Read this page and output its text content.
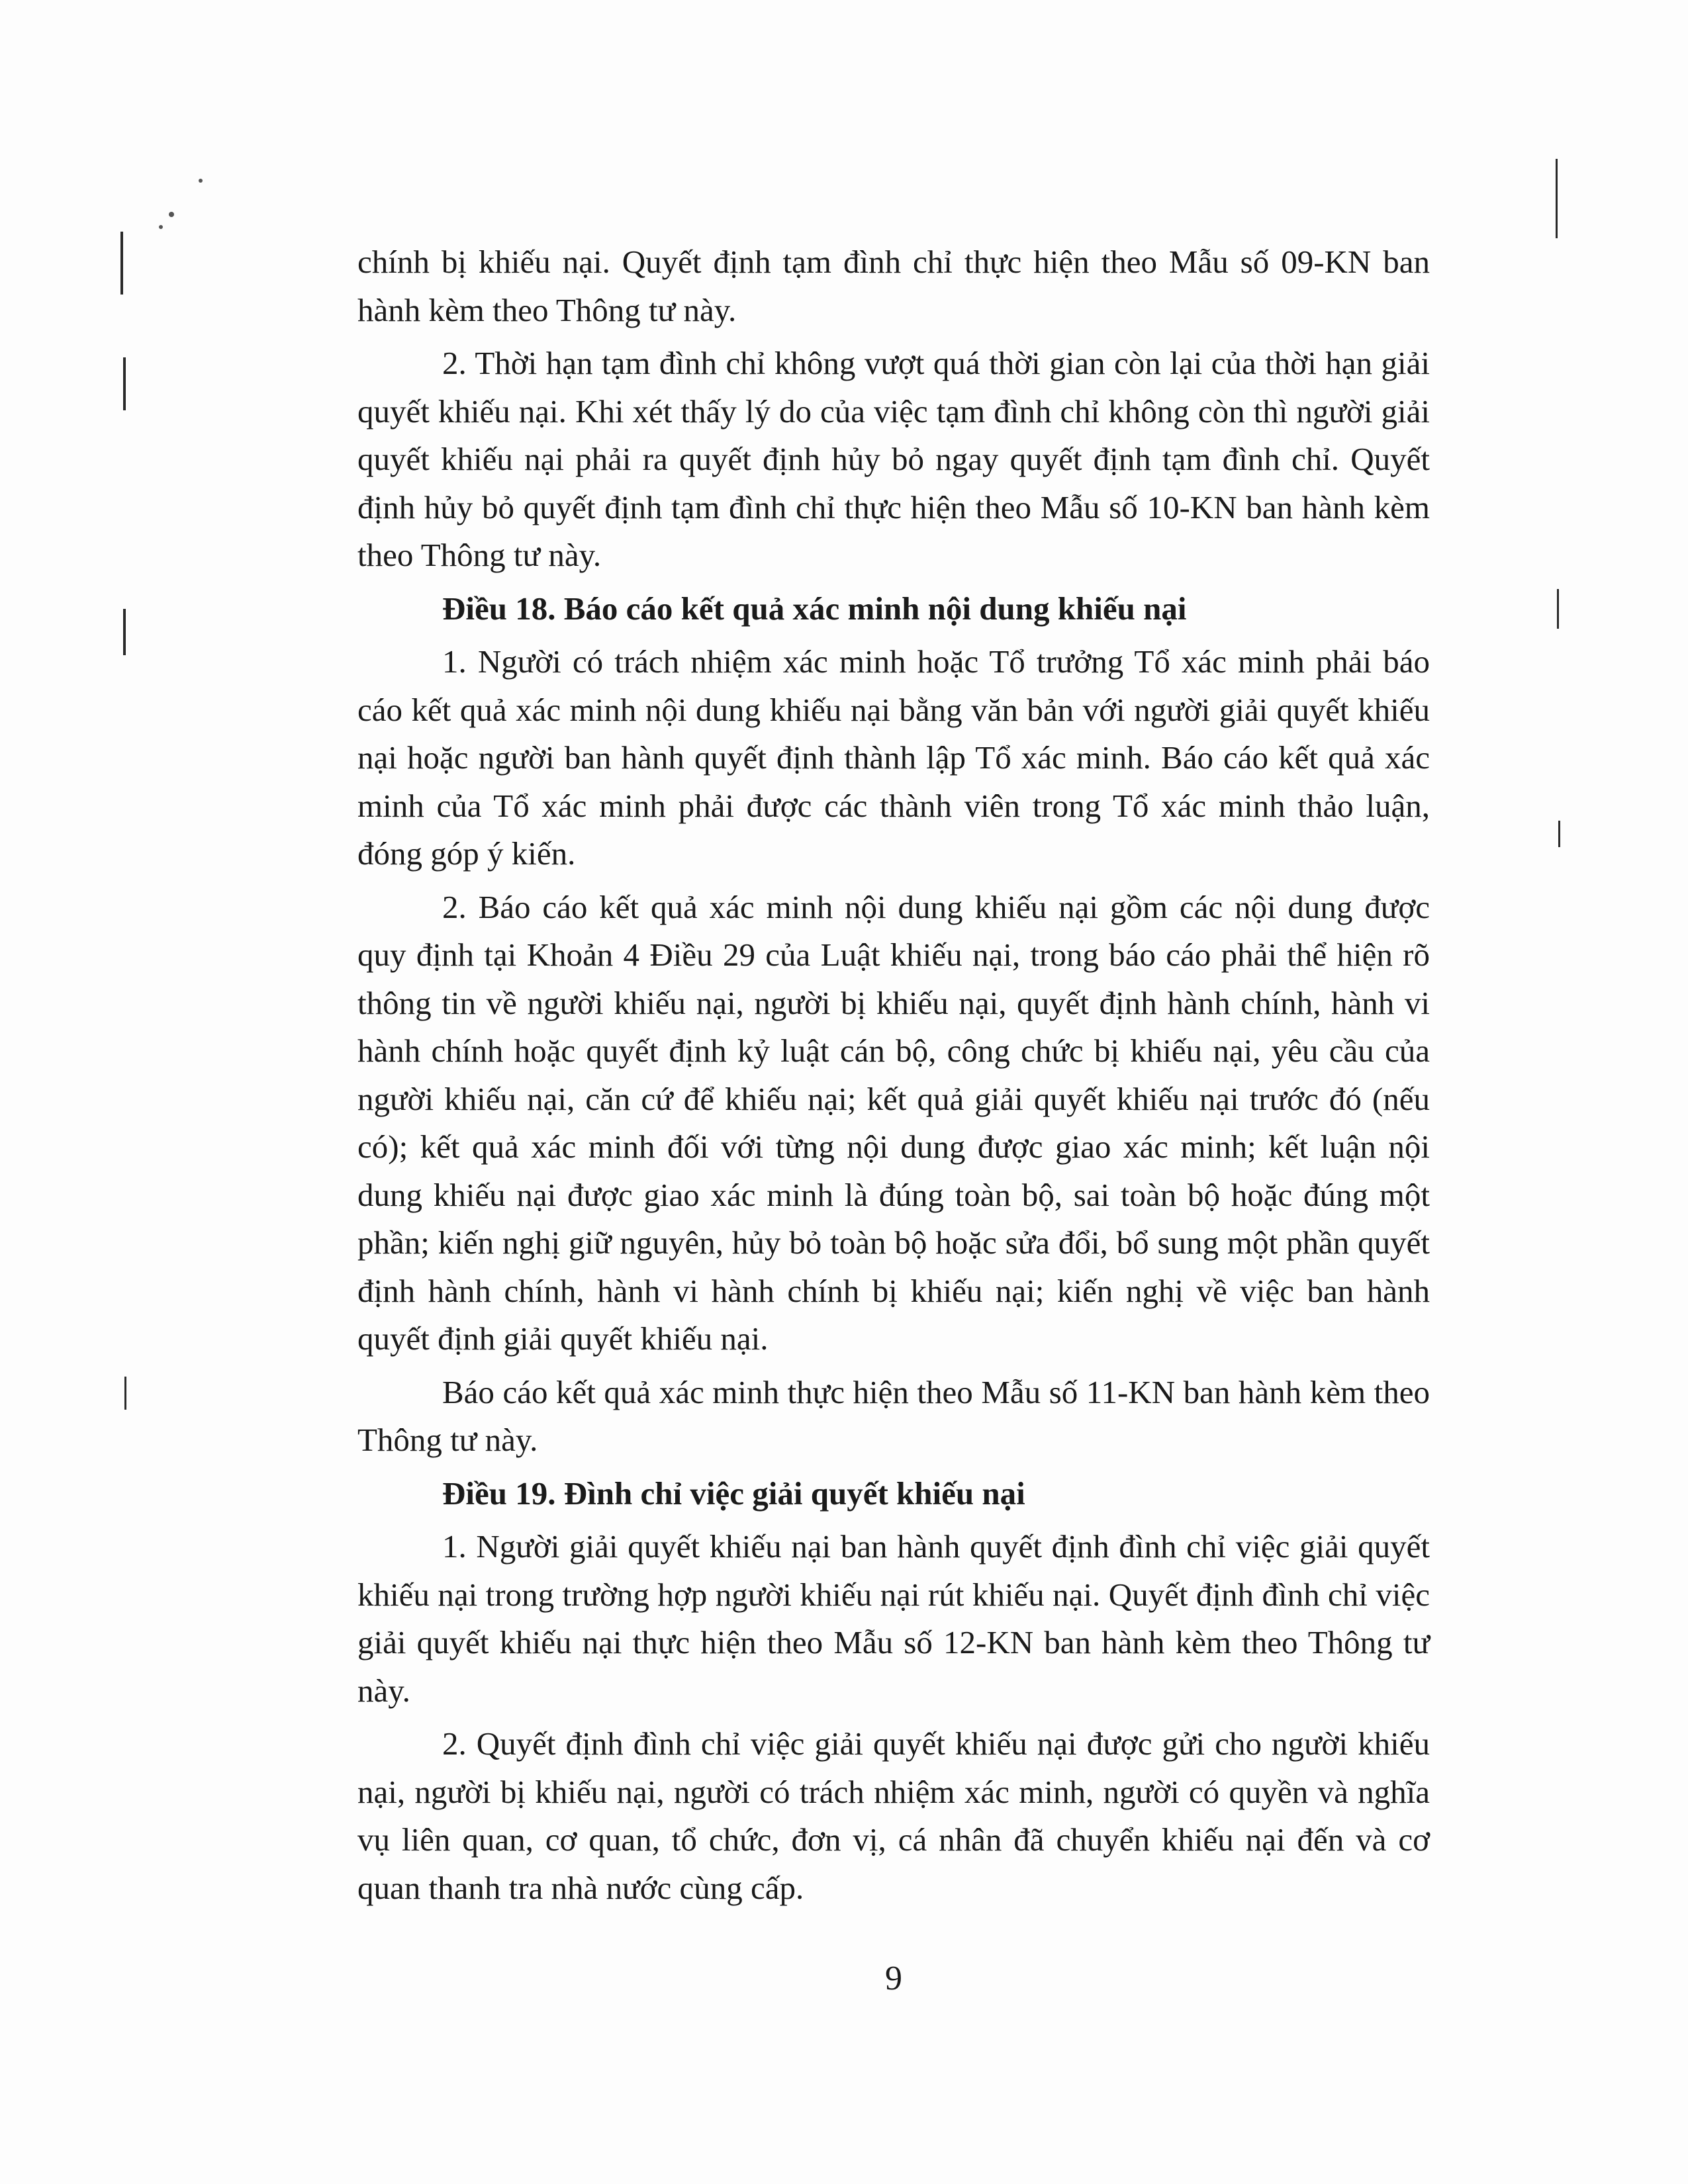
chính bị khiếu nại. Quyết định tạm đình chỉ thực hiện theo Mẫu số 09-KN ban hành kèm theo Thông tư này.

2. Thời hạn tạm đình chỉ không vượt quá thời gian còn lại của thời hạn giải quyết khiếu nại. Khi xét thấy lý do của việc tạm đình chỉ không còn thì người giải quyết khiếu nại phải ra quyết định hủy bỏ ngay quyết định tạm đình chỉ. Quyết định hủy bỏ quyết định tạm đình chỉ thực hiện theo Mẫu số 10-KN ban hành kèm theo Thông tư này.

Điều 18. Báo cáo kết quả xác minh nội dung khiếu nại

1. Người có trách nhiệm xác minh hoặc Tổ trưởng Tổ xác minh phải báo cáo kết quả xác minh nội dung khiếu nại bằng văn bản với người giải quyết khiếu nại hoặc người ban hành quyết định thành lập Tổ xác minh. Báo cáo kết quả xác minh của Tổ xác minh phải được các thành viên trong Tổ xác minh thảo luận, đóng góp ý kiến.

2. Báo cáo kết quả xác minh nội dung khiếu nại gồm các nội dung được quy định tại Khoản 4 Điều 29 của Luật khiếu nại, trong báo cáo phải thể hiện rõ thông tin về người khiếu nại, người bị khiếu nại, quyết định hành chính, hành vi hành chính hoặc quyết định kỷ luật cán bộ, công chức bị khiếu nại, yêu cầu của người khiếu nại, căn cứ để khiếu nại; kết quả giải quyết khiếu nại trước đó (nếu có); kết quả xác minh đối với từng nội dung được giao xác minh; kết luận nội dung khiếu nại được giao xác minh là đúng toàn bộ, sai toàn bộ hoặc đúng một phần; kiến nghị giữ nguyên, hủy bỏ toàn bộ hoặc sửa đổi, bổ sung một phần quyết định hành chính, hành vi hành chính bị khiếu nại; kiến nghị về việc ban hành quyết định giải quyết khiếu nại.

Báo cáo kết quả xác minh thực hiện theo Mẫu số 11-KN ban hành kèm theo Thông tư này.

Điều 19. Đình chỉ việc giải quyết khiếu nại

1. Người giải quyết khiếu nại ban hành quyết định đình chỉ việc giải quyết khiếu nại trong trường hợp người khiếu nại rút khiếu nại. Quyết định đình chỉ việc giải quyết khiếu nại thực hiện theo Mẫu số 12-KN ban hành kèm theo Thông tư này.

2. Quyết định đình chỉ việc giải quyết khiếu nại được gửi cho người khiếu nại, người bị khiếu nại, người có trách nhiệm xác minh, người có quyền và nghĩa vụ liên quan, cơ quan, tổ chức, đơn vị, cá nhân đã chuyển khiếu nại đến và cơ quan thanh tra nhà nước cùng cấp.

9
